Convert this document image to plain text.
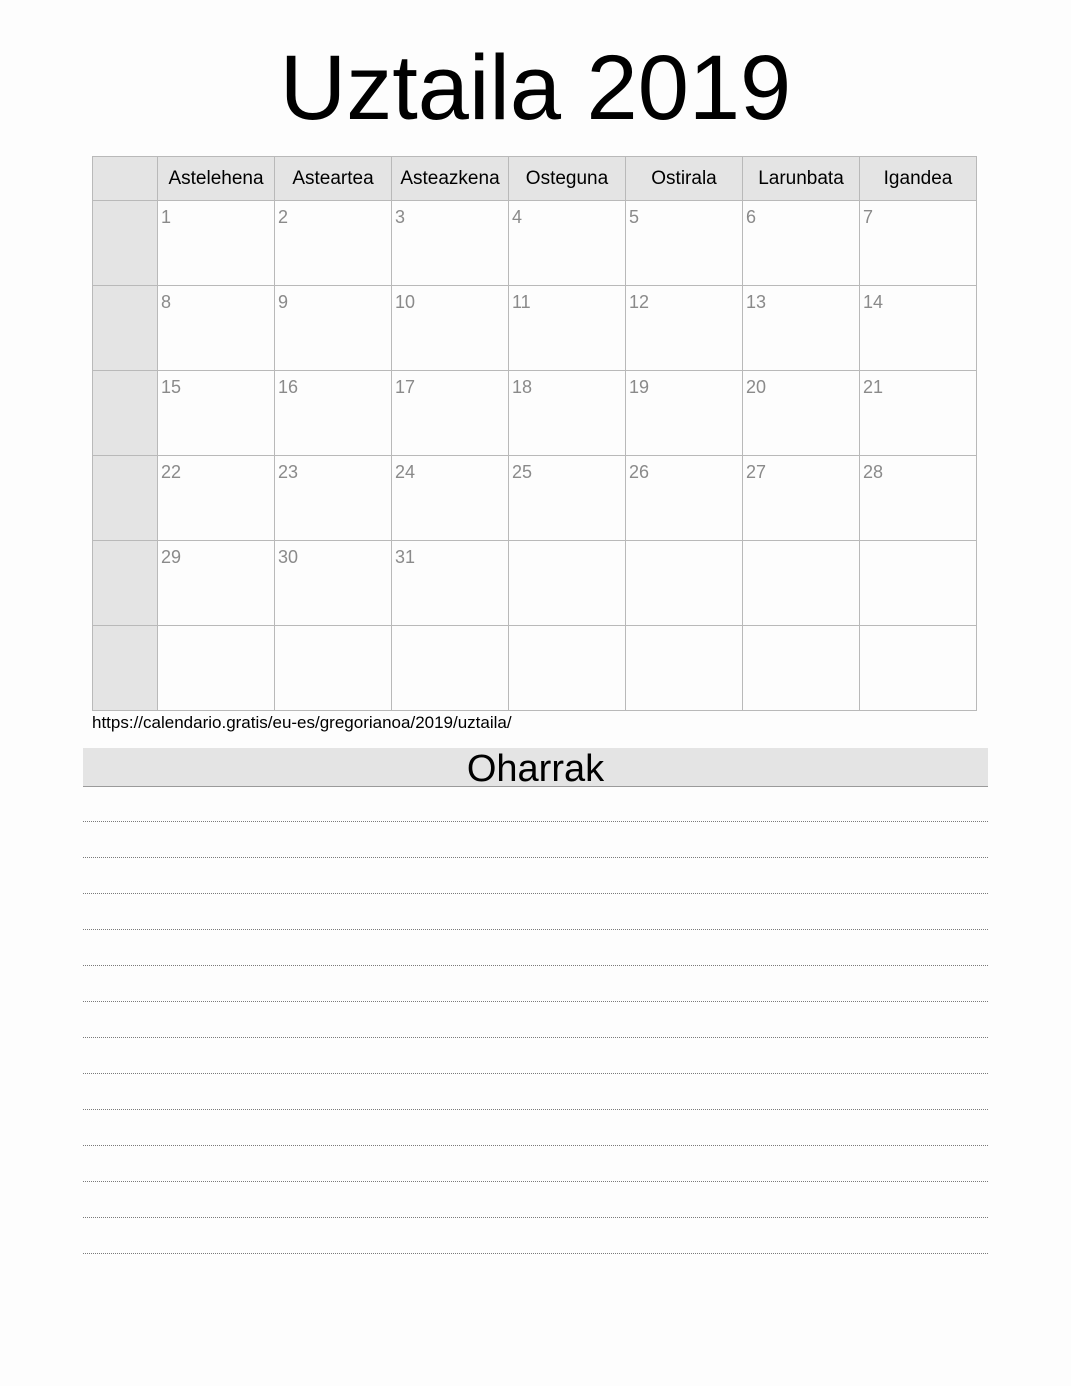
Uztaila 2019
	Astelehena	Asteartea	Asteazkena	Osteguna	Ostirala	Larunbata	Igandea

	1	2	3	4	5	6	7

	8	9	10	11	12	13	14

	15	16	17	18	19	20	21

	22	23	24	25	26	27	28

	29	30	31				

https://calendario.gratis/eu-es/gregorianoa/2019/uztaila/
Oharrak
